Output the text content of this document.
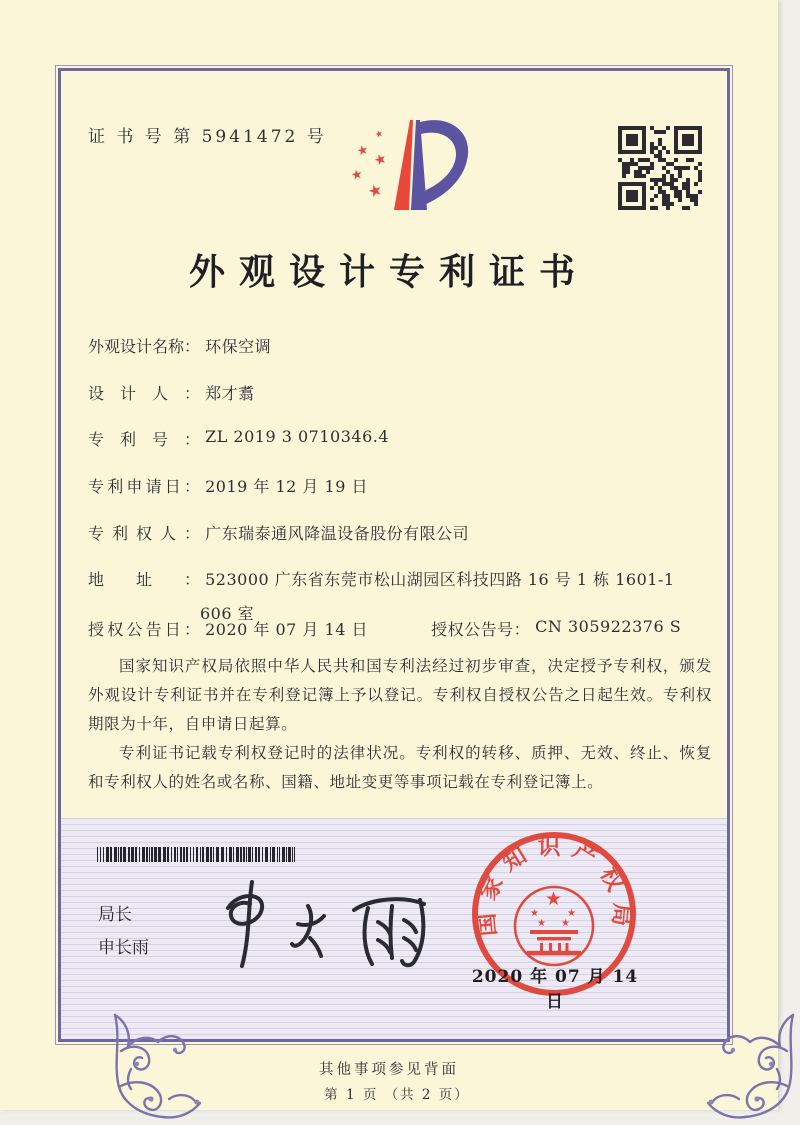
第 1 页 （共 2 页）
证 书 号 第 5941472 号	★
★ ★
★
★
外观设计专利证书
外观设计名称： 环保空调
设计人： 郑才翥
专利号： ZL 2019 3 0710346.4
专利申请日： 2019 年 12 月 19 日
专利权人： 广东瑞泰通风降温设备股份有限公司
地址： 523000 广东省东莞市松山湖园区科技四路 16 号 1 栋 1601-1
606 室
授权公告日： 2020 年 07 月 14 日	授权公告号： CN 305922376 S

国家知识产权局依照中华人民共和国专利法经过初步审查，决定授予专利权，颁发外观设计专利证书并在专利登记簿上予以登记。专利权自授权公告之日起生效。专利权期限为十年，自申请日起算。

专利证书记载专利权登记时的法律状况。专利权的转移、质押、无效、终止、恢复和专利权人的姓名或名称、国籍、地址变更等事项记载在专利登记簿上。

局长
申长雨
国家知识产权局
★
★	★
★ ★
2020 年 07 月 14 日
其他事项参见背面
